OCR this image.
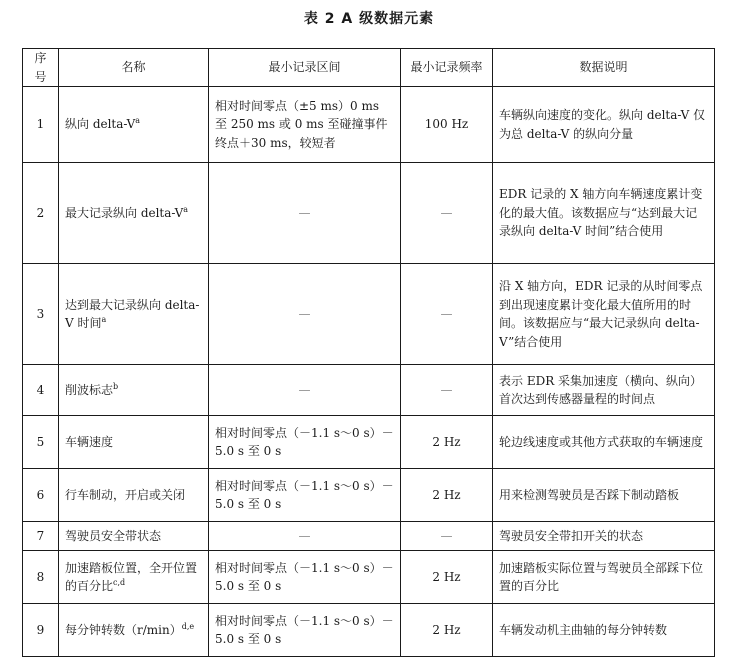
表 2 A 级数据元素
序号	名称	最小记录区间	最小记录频率	数据说明
1	纵向 delta-$V^a$	相对时间零点（±5 ms）0 ms 至 250 ms 或 0 ms 至碰撞事件终点＋30 ms，较短者	100 Hz	车辆纵向速度的变化。纵向 delta-V 仅为总 delta-V 的纵向分量
2	最大记录纵向 delta-$V^a$	—	—	EDR 记录的 X 轴方向车辆速度累计变化的最大值。该数据应与“达到最大记录纵向 delta-V 时间”结合使用
3	达到最大记录纵向 delta-V 时间$^a$	—	—	沿 X 轴方向，EDR 记录的从时间零点到出现速度累计变化最大值所用的时间。该数据应与“最大记录纵向 delta-V”结合使用
4	削波标志$^b$	—	—	表示 EDR 采集加速度（横向、纵向）首次达到传感器量程的时间点
5	车辆速度	相对时间零点（－1.1 s～0 s）－5.0 s 至 0 s	2 Hz	轮边线速度或其他方式获取的车辆速度
6	行车制动，开启或关闭	相对时间零点（－1.1 s～0 s）－5.0 s 至 0 s	2 Hz	用来检测驾驶员是否踩下制动踏板
7	驾驶员安全带状态	—	—	驾驶员安全带扣开关的状态
8	加速踏板位置，全开位置的百分比$^{c,d}$	相对时间零点（－1.1 s～0 s）－5.0 s 至 0 s	2 Hz	加速踏板实际位置与驾驶员全部踩下位置的百分比
9	每分钟转数$(r/\min)^{d,e}$	相对时间零点（－1.1 s～0 s）－5.0 s 至 0 s	2 Hz	车辆发动机主曲轴的每分钟转数
